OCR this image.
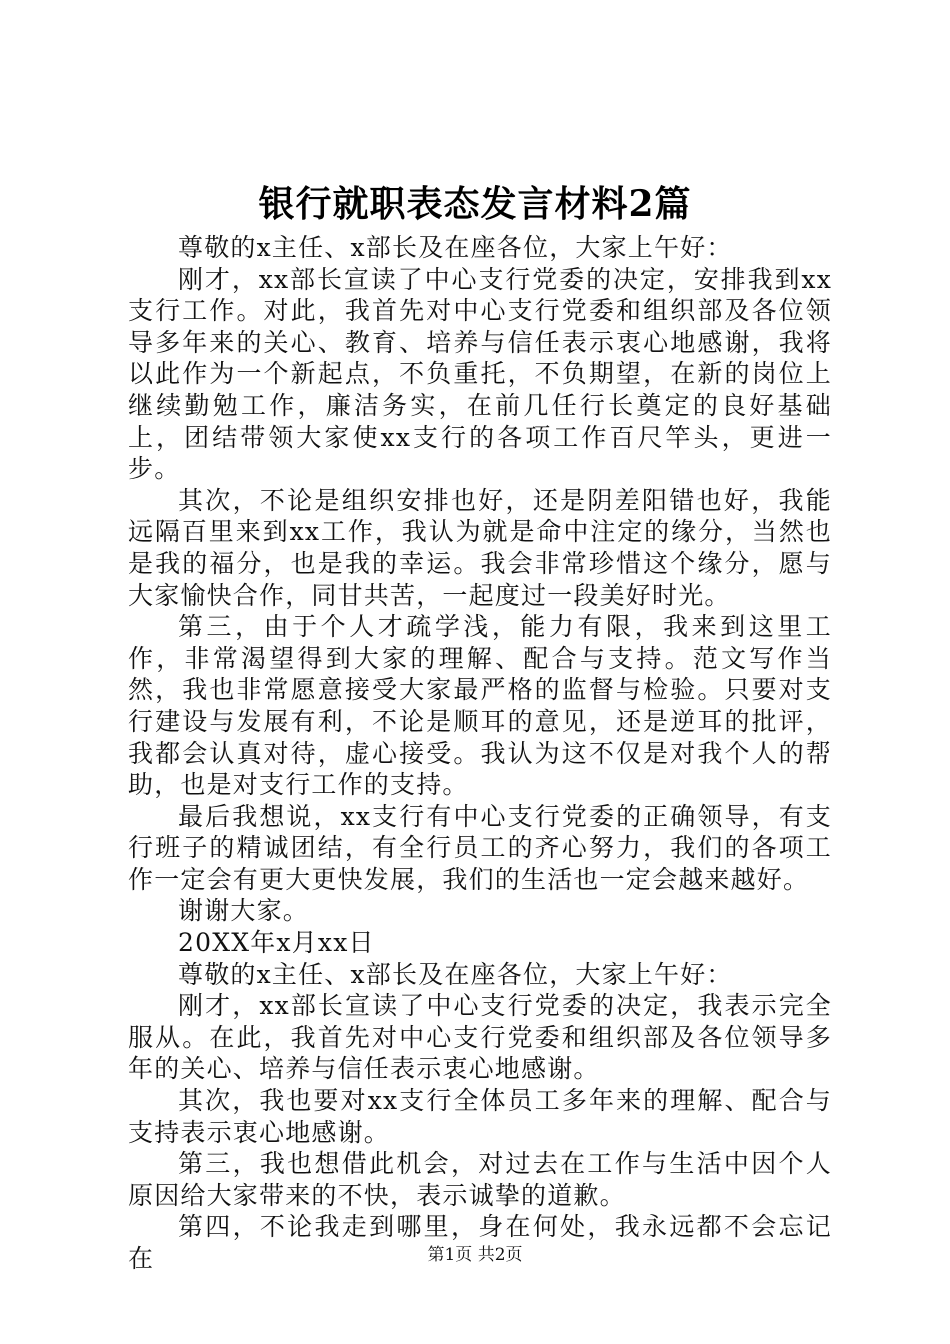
银行就职表态发言材料2篇

尊敬的x主任、x部长及在座各位，大家上午好：

刚才，xx部长宣读了中心支行党委的决定，安排我到xx支行工作。对此，我首先对中心支行党委和组织部及各位领导多年来的关心、教育、培养与信任表示衷心地感谢，我将以此作为一个新起点，不负重托，不负期望，在新的岗位上继续勤勉工作，廉洁务实，在前几任行长奠定的良好基础上，团结带领大家使xx支行的各项工作百尺竿头，更进一步。

其次，不论是组织安排也好，还是阴差阳错也好，我能远隔百里来到xx工作，我认为就是命中注定的缘分，当然也是我的福分，也是我的幸运。我会非常珍惜这个缘分，愿与大家愉快合作，同甘共苦，一起度过一段美好时光。

第三，由于个人才疏学浅，能力有限，我来到这里工作，非常渴望得到大家的理解、配合与支持。范文写作当然，我也非常愿意接受大家最严格的监督与检验。只要对支行建设与发展有利，不论是顺耳的意见，还是逆耳的批评，我都会认真对待，虚心接受。我认为这不仅是对我个人的帮助，也是对支行工作的支持。

最后我想说，xx支行有中心支行党委的正确领导，有支行班子的精诚团结，有全行员工的齐心努力，我们的各项工作一定会有更大更快发展，我们的生活也一定会越来越好。

谢谢大家。

20XX年x月xx日

尊敬的x主任、x部长及在座各位，大家上午好：

刚才，xx部长宣读了中心支行党委的决定，我表示完全服从。在此，我首先对中心支行党委和组织部及各位领导多年的关心、培养与信任表示衷心地感谢。

其次，我也要对xx支行全体员工多年来的理解、配合与支持表示衷心地感谢。

第三，我也想借此机会，对过去在工作与生活中因个人原因给大家带来的不快，表示诚挚的道歉。

第四，不论我走到哪里，身在何处，我永远都不会忘记在	第1页 共2页
